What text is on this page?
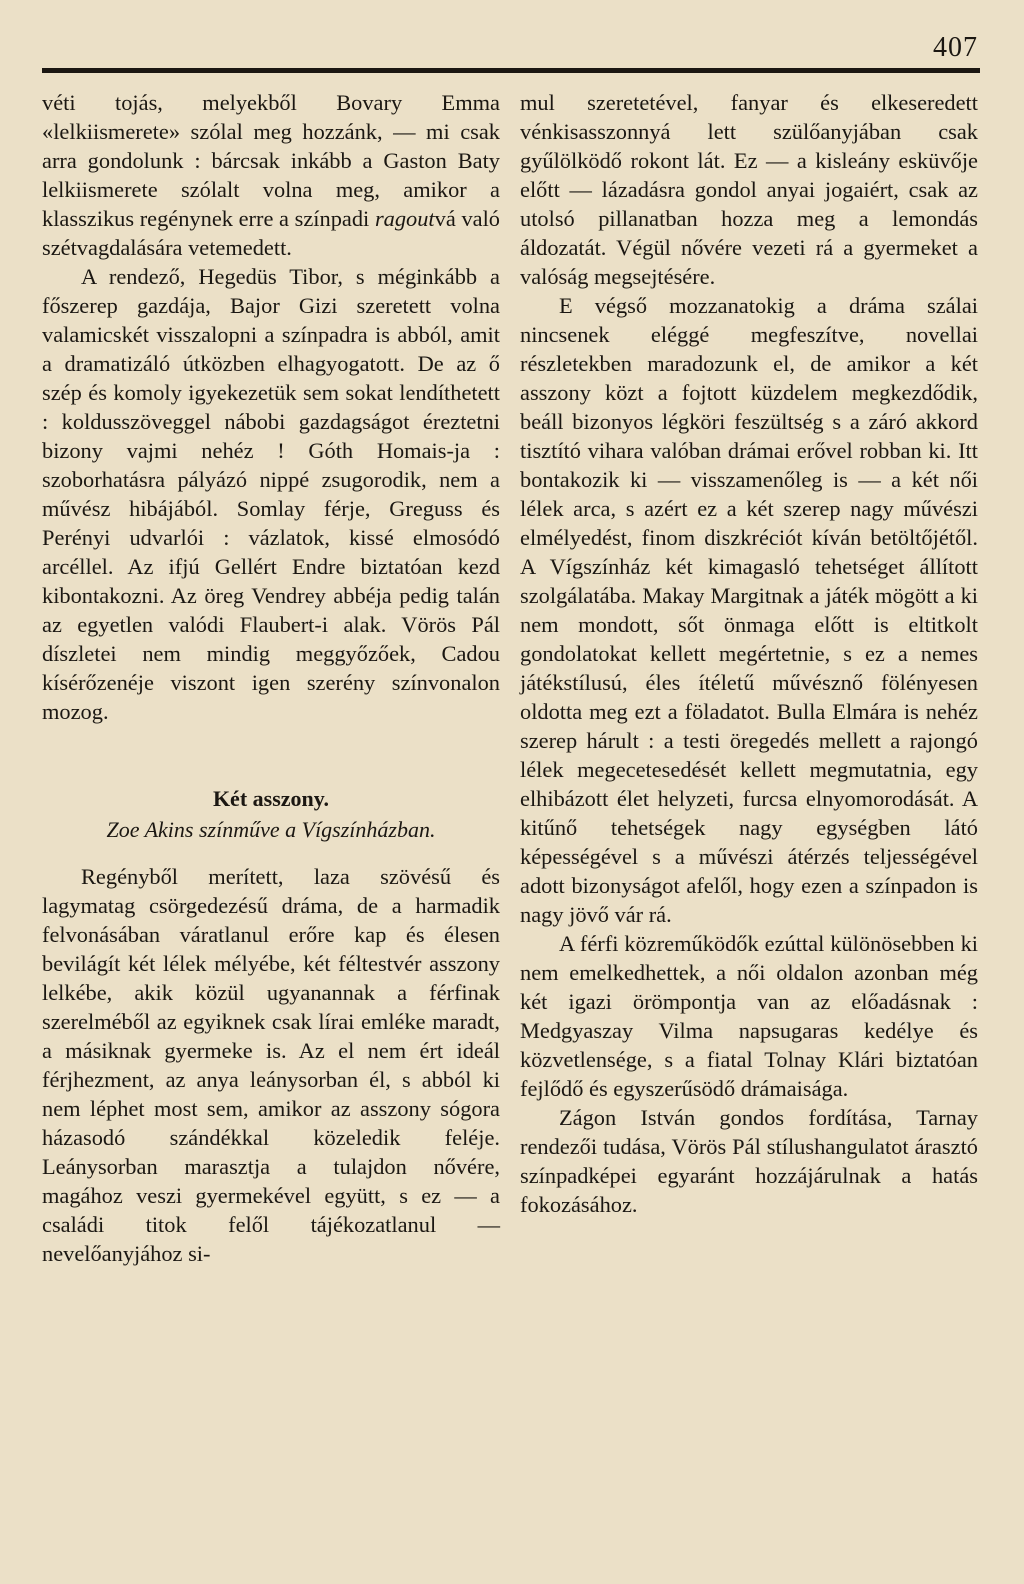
407

véti tojás, melyekből Bovary Emma «lelkiismerete» szólal meg hozzánk, — mi csak arra gondolunk : bárcsak inkább a Gaston Baty lelkiismerete szólalt volna meg, amikor a klasszikus regénynek erre a színpadi ragoutvá való szétvagdalására vetemedett.

A rendező, Hegedüs Tibor, s méginkább a főszerep gazdája, Bajor Gizi szeretett volna valamicskét visszalopni a színpadra is abból, amit a dramatizáló útközben elhagyogatott. De az ő szép és komoly igyekezetük sem sokat lendíthetett : koldusszöveggel nábobi gazdagságot éreztetni bizony vajmi nehéz ! Góth Homais-ja : szoborhatásra pályázó nippé zsugorodik, nem a művész hibájából. Somlay férje, Greguss és Perényi udvarlói : vázlatok, kissé elmosódó arcéllel. Az ifjú Gellért Endre biztatóan kezd kibontakozni. Az öreg Vendrey abbéja pedig talán az egyetlen valódi Flaubert-i alak. Vörös Pál díszletei nem mindig meggyőzőek, Cadou kísérőzenéje viszont igen szerény színvonalon mozog.

Két asszony.

Zoe Akins színműve a Vígszínházban.

Regényből merített, laza szövésű és lagymatag csörgedezésű dráma, de a harmadik felvonásában váratlanul erőre kap és élesen bevilágít két lélek mélyébe, két féltestvér asszony lelkébe, akik közül ugyanannak a férfinak szerelméből az egyiknek csak lírai emléke maradt, a másiknak gyermeke is. Az el nem ért ideál férjhezment, az anya leánysorban él, s abból ki nem léphet most sem, amikor az asszony sógora házasodó szándékkal közeledik feléje. Leánysorban marasztja a tulajdon nővére, magához veszi gyermekével együtt, s ez — a családi titok felől tájékozatlanul — nevelőanyjához si-

mul szeretetével, fanyar és elkeseredett vénkisasszonnyá lett szülőanyjában csak gyűlölködő rokont lát. Ez — a kisleány esküvője előtt — lázadásra gondol anyai jogaiért, csak az utolsó pillanatban hozza meg a lemondás áldozatát. Végül nővére vezeti rá a gyermeket a valóság megsejtésére.

E végső mozzanatokig a dráma szálai nincsenek eléggé megfeszítve, novellai részletekben maradozunk el, de amikor a két asszony közt a fojtott küzdelem megkezdődik, beáll bizonyos légköri feszültség s a záró akkord tisztító vihara valóban drámai erővel robban ki. Itt bontakozik ki — visszamenőleg is — a két női lélek arca, s azért ez a két szerep nagy művészi elmélyedést, finom diszkréciót kíván betöltőjétől. A Vígszínház két kimagasló tehetséget állított szolgálatába. Makay Margitnak a játék mögött a ki nem mondott, sőt önmaga előtt is eltitkolt gondolatokat kellett megértetnie, s ez a nemes játékstílusú, éles ítéletű művésznő fölényesen oldotta meg ezt a föladatot. Bulla Elmára is nehéz szerep hárult : a testi öregedés mellett a rajongó lélek megecetesedését kellett megmutatnia, egy elhibázott élet helyzeti, furcsa elnyomorodását. A kitűnő tehetségek nagy egységben látó képességével s a művészi átérzés teljességével adott bizonyságot afelől, hogy ezen a színpadon is nagy jövő vár rá.

A férfi közreműködők ezúttal különösebben ki nem emelkedhettek, a női oldalon azonban még két igazi örömpontja van az előadásnak : Medgyaszay Vilma napsugaras kedélye és közvetlensége, s a fiatal Tolnay Klári biztatóan fejlődő és egyszerűsödő drámaisága.

Zágon István gondos fordítása, Tarnay rendezői tudása, Vörös Pál stílushangulatot árasztó színpadképei egyaránt hozzájárulnak a hatás fokozásához.
